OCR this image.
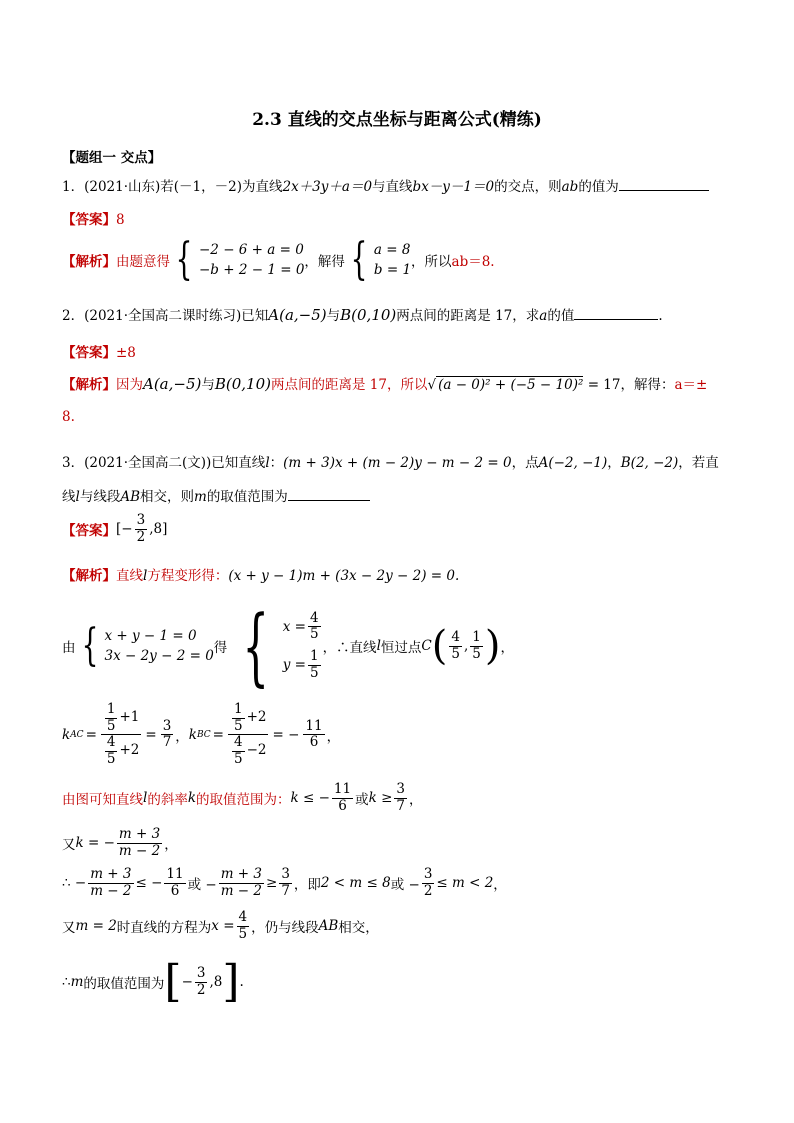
2.3 直线的交点坐标与距离公式(精练)
【题组一 交点】
1．(2021·山东)若(－1，－2)为直线2x＋3y＋a＝0与直线bx－y－1＝0的交点，则ab的值为
【答案】8
【解析】 由题意得 { −2 − 6 + a = 0
−b + 2 − 1 = 0 ，解得 { a = 8
b = 1 ，所以 ab＝8.
2．(2021·全国高二课时练习)已知A(a,−5)与B(0,10)两点间的距离是 17，求a的值	.
【答案】±8
【解析】因为A(a,−5)与B(0,10)两点间的距离是 17，所以√ (a − 0)² + (−5 − 10)² = 17，解得：a＝±
8.
3．(2021·全国高二(文))已知直线l：(m + 3)x + (m − 2)y − m − 2 = 0，点A(−2, −1)，B(2, −2)，若直
线l与线段AB相交，则m的取值范围为
【答案】 [− $\frac{3}{2} ,8$]
【解析】直线l方程变形得：(x + y − 1)m + (3x − 2y − 2) = 0.
由 { x + y − 1 = 0
3x − 2y − 2 = 0 得 { $x = \frac{4}{5}$
$y = \frac{1}{5}$
，∴直线 l 恒过点 C ( $\frac{4}{5}$ , $\frac{1}{5}$ ) ，
k AC = $\frac{\frac{1}{5} +1}{\frac{4}{5} +2} = \frac{3}{7}$ ， k BC = $\frac{\frac{1}{5} +2}{\frac{4}{5} -2}$ = − $\frac{11}{6}$ ，
由图可知直线 l 的斜率 k 的取值范围为： k ≤ − $\frac{11}{6}$ 或 $k \ge \frac{3}{7}$ ，
又 k = − $\frac{m + 3}{m - 2}$ ，
∴ − $\frac{m + 3}{m - 2}$ ≤ − $\frac{11}{6}$ 或 − $\frac{m + 3}{m - 2} \ge \frac{3}{7}$ ，即 2 < m ≤ 8 或 − $\frac{3}{2} \le m < 2$ ，
又 m = 2 时直线的方程为 $x = \frac{4}{5}$ ，仍与线段 AB 相交，
∴ m 的取值范围为 [ − $\frac{3}{2} ,8$ ] .
